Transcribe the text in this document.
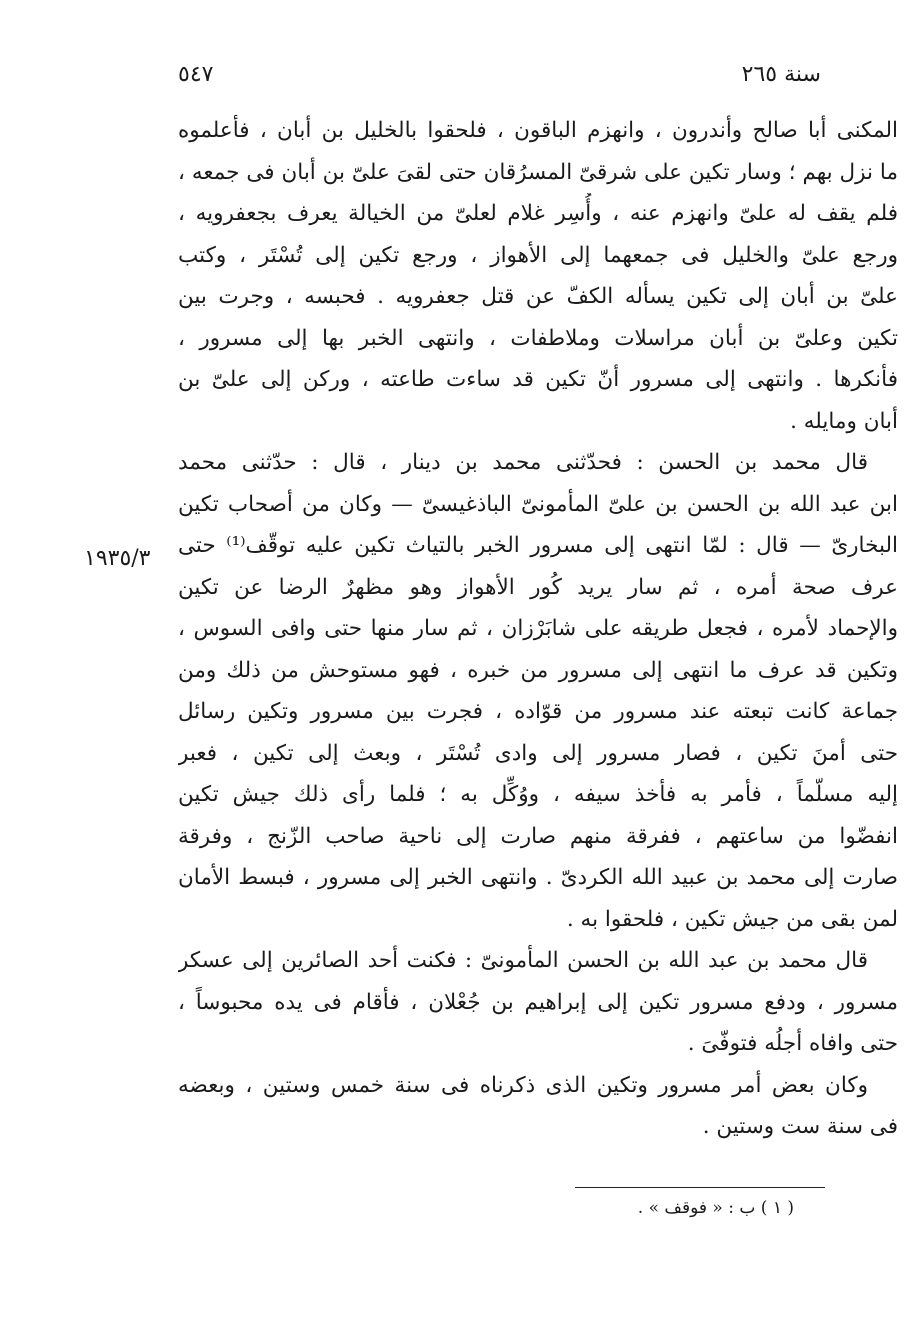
سنة ٢٦٥
٥٤٧
١٩٣٥/٣
المكنى أبا صالح وأندرون ، وانهزم الباقون ، فلحقوا بالخليل بن أبان ، فأعلموه
ما نزل بهم ؛ وسار تكين على شرقىّ المسرُقان حتى لقىَ علىّ بن أبان فى جمعه ،
فلم يقف له علىّ وانهزم عنه ، وأُسِر غلام لعلىّ من الخيالة يعرف بجعفرويه ،
ورجع علىّ والخليل فى جمعهما إلى الأهواز ، ورجع تكين إلى تُسْتَر ، وكتب
علىّ بن أبان إلى تكين يسأله الكفّ عن قتل جعفرويه . فحبسه ، وجرت بين
تكين وعلىّ بن أبان مراسلات وملاطفات ، وانتهى الخبر بها إلى مسرور ،
فأنكرها . وانتهى إلى مسرور أنّ تكين قد ساءت طاعته ، وركن إلى علىّ بن
أبان ومايله .
قال محمد بن الحسن : فحدّثنى محمد بن دينار ، قال : حدّثنى محمد
ابن عبد الله بن الحسن بن علىّ المأمونىّ الباذغيسىّ — وكان من أصحاب تكين
البخارىّ — قال : لمّا انتهى إلى مسرور الخبر بالتياث تكين عليه توقّف⁽¹⁾ حتى
عرف صحة أمره ، ثم سار يريد كُور الأهواز وهو مظهرٌ الرضا عن تكين
والإحماد لأمره ، فجعل طريقه على شابَرْزان ، ثم سار منها حتى وافى السوس ،
وتكين قد عرف ما انتهى إلى مسرور من خبره ، فهو مستوحش من ذلك ومن
جماعة كانت تبعته عند مسرور من قوّاده ، فجرت بين مسرور وتكين رسائل
حتى أمنَ تكين ، فصار مسرور إلى وادى تُسْتَر ، وبعث إلى تكين ، فعبر
إليه مسلّماً ، فأمر به فأخذ سيفه ، ووُكِّل به ؛ فلما رأى ذلك جيش تكين
انفضّوا من ساعتهم ، ففرقة منهم صارت إلى ناحية صاحب الزّنج ، وفرقة
صارت إلى محمد بن عبيد الله الكردىّ . وانتهى الخبر إلى مسرور ، فبسط الأمان
لمن بقى من جيش تكين ، فلحقوا به .
قال محمد بن عبد الله بن الحسن المأمونىّ : فكنت أحد الصائرين إلى عسكر
مسرور ، ودفع مسرور تكين إلى إبراهيم بن جُعْلان ، فأقام فى يده محبوساً ،
حتى وافاه أجلُه فتوفّىَ .
وكان بعض أمر مسرور وتكين الذى ذكرناه فى سنة خمس وستين ، وبعضه
فى سنة ست وستين .
( ١ ) ب : « فوقف » .
